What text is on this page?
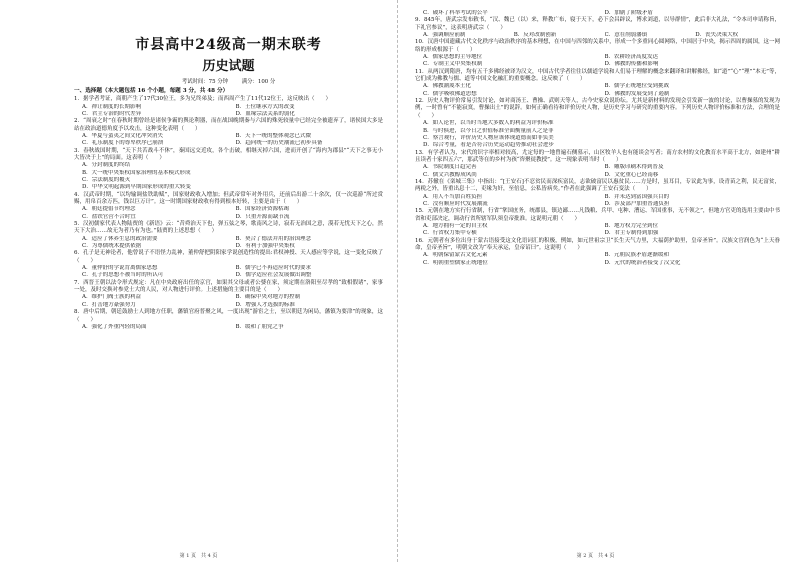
市县高中24级高一期末联考
历史试题
考试时间：75 分钟	满分：100 分
一、选择题（本大题包括 16 个小题，每题 3 分，共 48 分）

1．据学者考证，商朝产生了17代30位王，多为兄终弟及；而西周产生了11代12位王，这反映出（　　）

A．禅让制度的长期影响	B．王位继承方式的改变
C．君主专治的时代差异	D．血缘宗法关系的弱化

2．“周衰之时”在春秋时期曾经是诸侯争霸的舆论利器，而在战国晚期秦与六国的殊死较量中已经完全被遗弃了，诸侯国大多是站在政治道德角度予以攻击，这种变化表明（　　）

A．华夏与蛮夷之间文化冲突消失	B．天下一统的整体观念已式微
C．礼乐制度下的尊卑秩序已崩溃	D．趋向统一的历史潮流已初步具备

3．春秋战国时期，“天下共苦战斗不休”，秦国远交近攻，各个击破，相继灭掉六国，进而开创了“海内为郡县”“天下之事无小大皆决于上”的局面。这表明（　　）

A．分封制度的终结
B．大一统中央集权国家治理的基本模式形成
C．宗法制度的覆灭
D．中华文明起源到早期国家形成的重大转变

4．汉武帝时期，“以均输调盐铁助赋”，国家财政收入增加；但武帝常年对外用兵，还前后出游二十余次，仅一次巡游“所过赏赐，用帛百余万匹，钱以巨万计”。这一时期国家财政收有得到根本好转，主要是由于（　　）

A．朝廷提倡节约理念	B．国家经济资源枯竭
C．盐铁官营不合时宜	D．只重开源而缺节流

5．汉初儒家代表人物陆贾的《新语》云：“昔舜治天下也，弹五弦之琴，歌南风之诗，寂若无治国之意，漠若无忧天下之心，然天下大治……故无为者乃有为也。”陆贾的上述思想（　　）

A．适应了休养生息的政治需要	B．契合了德法并用的治国理念
C．为尊儒统术提供依据	D．有利于加强中央集权

6．孔子是无神论者，他曾说子不语怪力乱神，董仲舒把阴阳家学说创造性的提出:君权神授、天人感应等学说，这一变化反映了（　　）

A．董仲舒的学说背离儒家思想	B．儒学已不再适应时代的要求
C．孔子的思想不被当时的所认可	D．儒学适应社会发展做出调整

7．西晋王朝以法令形式规定：凡在中央政府出任的京官，如果其父母或者公婆在家，须定期在洛阳至尽孝的“致相假诸”，家事一处，及时交换对参党士大的人民，对人物进行评价。上述措施的主要目的是（　　）

A．维护门阀士族的利益	B．确保中央对地方的控制
C．打击地方豪强势力	D．增强人才选拔的标准

8．唐中后期，朝廷鼓励士人到地方任职，藩镇官府普聚之风，一度出现“游宦之士，至以朝廷为闲局，藩镇为要津”的现象，这（　　）

A．强化了外重内轻的局面	B．缓和了朋党之争
C．破坏了科举考试的公平	D．加剧了阶级矛盾

9．845年，唐武宗发布敕书，“汉、魏已（以）来，释教广布，寝于天下，必下会昌辟议，博求刘道，以导群情”，此后非大礼法，“令本司申请称旨，下礼官参议”，这表明唐武宗（　　）

A．强调顺应前制	B．反对改制创新	C．意在削弱藩镇	D．丧失决策大权

10．汉唐中国遗藏古代文化秩序与政治秩序的基本理想，在中国与四邻的关系中，形成一个多重同心圆网络，中国居于中央，揭示四周的属国，这一网络的形成根源于（　　）

A．儒家思想的主导地位	B．农耕经济高度发达
C．专制主义中央集权制	D．佛教的传播和影响

11．从两汉到隋唐，均有五千多佛经被译为汉文，中国古代学者往往以儒道学说和人们易于理解的概念来翻译和讲解佛经，如“道”“心”“理”“本无”等，它们成为佛教与儒、道等中国文化融汇的重要概念。这反映了（　　）

A．佛教潮蔑本土化	B．儒学正统地位受到挑战
C．儒学吸收佛道思想	D．佛教的发展受到了遏制

12．历史人物评价常易引发讨论，如对商汤王、曹操、武则天等人，古今史家众说纷纭。尤其是新材料的发现会引发新一波的讨论，以曹操墓的发现为例，一时曾有“不能寂寞，曹操出土”的说辞。如何正确看待和评价历史人物，是历史学习与研究的重要内容。下列历史人物评价标准和方法，合理的是（　　）

A．如人论世，以当时当地大多数人的利益为评价标准
B．与时俱进，以今日之价值标准全面衡量前人之是非
C．察言观行，评价历史人物应该体现道德而如非负美
D．综合考量，看是否符合历史运动趋势推动社会进步

13．有学者认为，宋代的识字率相对较高，尤定每的一地曾遍石侧墓示，山区牧羊人也有能谈会写者；南方农村的文化教育水平高于北方，如建州“耕且读者十家四五六”，那武等在的乡村为孩“咨聚徒教授”。这一现象表明当时（　　）

A．书院制度日趋完善	B．雕版印刷术得到普及
C．儒文兴教醇成风尚	D．文化重心已经南移

14．苏辙在《栾城三集》中指出：“[王安石]不忍贫民而深疾富民，志欲破富民以惠贫民……方是时，虽耳目，专议此为事，设青苗之利，民无富贫，两税之外，皆重出息十二，吏缘为奸，至倍息，公私皆病矣。”作者在此强调了王安石变法（　　）

A．用人不当加百姓负担	B．并未达到富国强兵目的
C．没有顺应时代发展潮流	D．涉及部户加重普通负担

15．元朝在地方实行行省制，行省“掌国庶务，统郡县，镇边鄙……凡钱粮、兵甲、屯种、漕运、军国重事，无不领之”，但地方官吏的选用主要由中书省和吏部决定，调动行省所辖军队须皇帝批准。这说明元朝（　　）

A．地方拥有一定的自主权	B．地方权力完全到位
C．行省权力集中专横	D．君主专制得到加强

16．元朝者有多位出身于蒙古语接受这文化语词汇的积极，例如，如元世祖宗卫“长生天气力里，大福荫护助里，皇帝圣旨”。汉族文官润色为“上天眷命，皇帝圣旨”，明朝文改为“奉天承运，皇帝诏曰”。这说明（　　）

A．明朝保留蒙古文化元素	B．元朝民族矛盾逐渐缓和
C．明朝重塑儒家正统地位	D．元代的统治者接受了汉文化
第 1 页　共 4 页	第 2 页　共 4 页
